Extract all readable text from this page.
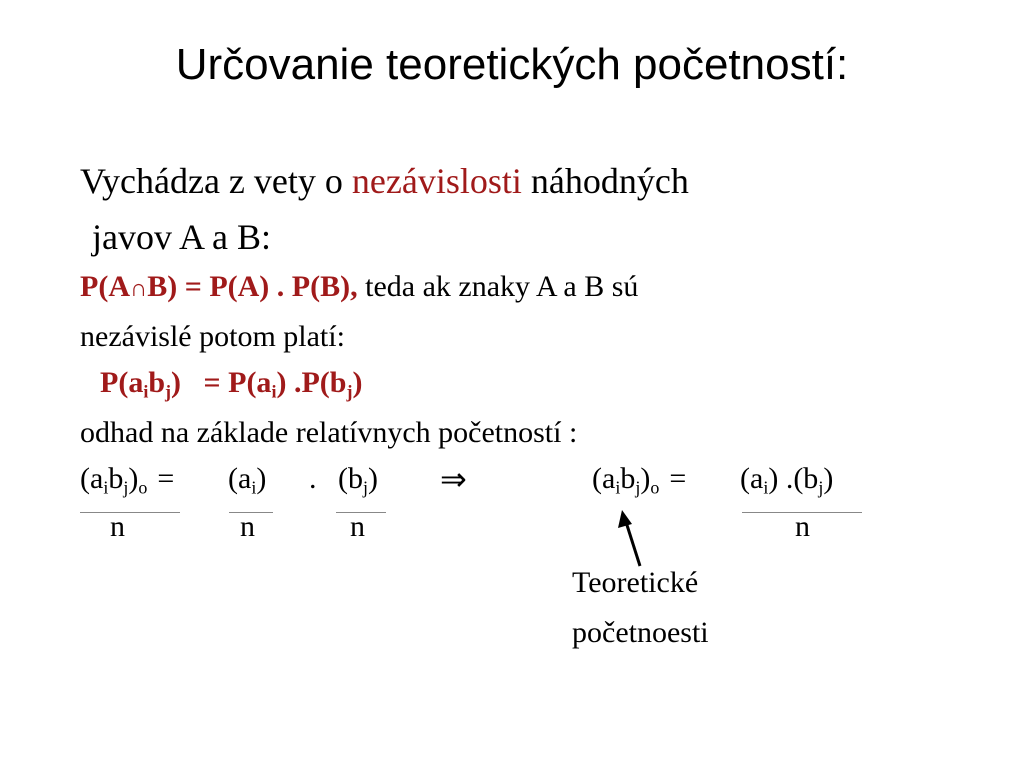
Určovanie teoretických početností:
Vychádza z vety o nezávislosti náhodných
javov A a B:
P(A∩B) = P(A) . P(B), teda ak znaky A a B sú
nezávislé potom platí:
$P(a_ib_j) = P(a_i)$ $.P(b_j)$
odhad na základe relatívnych početností :
$(a_ib_j)_o = (a_i)$ . $(b_j)$ ⇒	$(a_ib_j)_o = (a_i)$ $.(b_j)$
n	n	n	n
Teoretické
početnoesti
